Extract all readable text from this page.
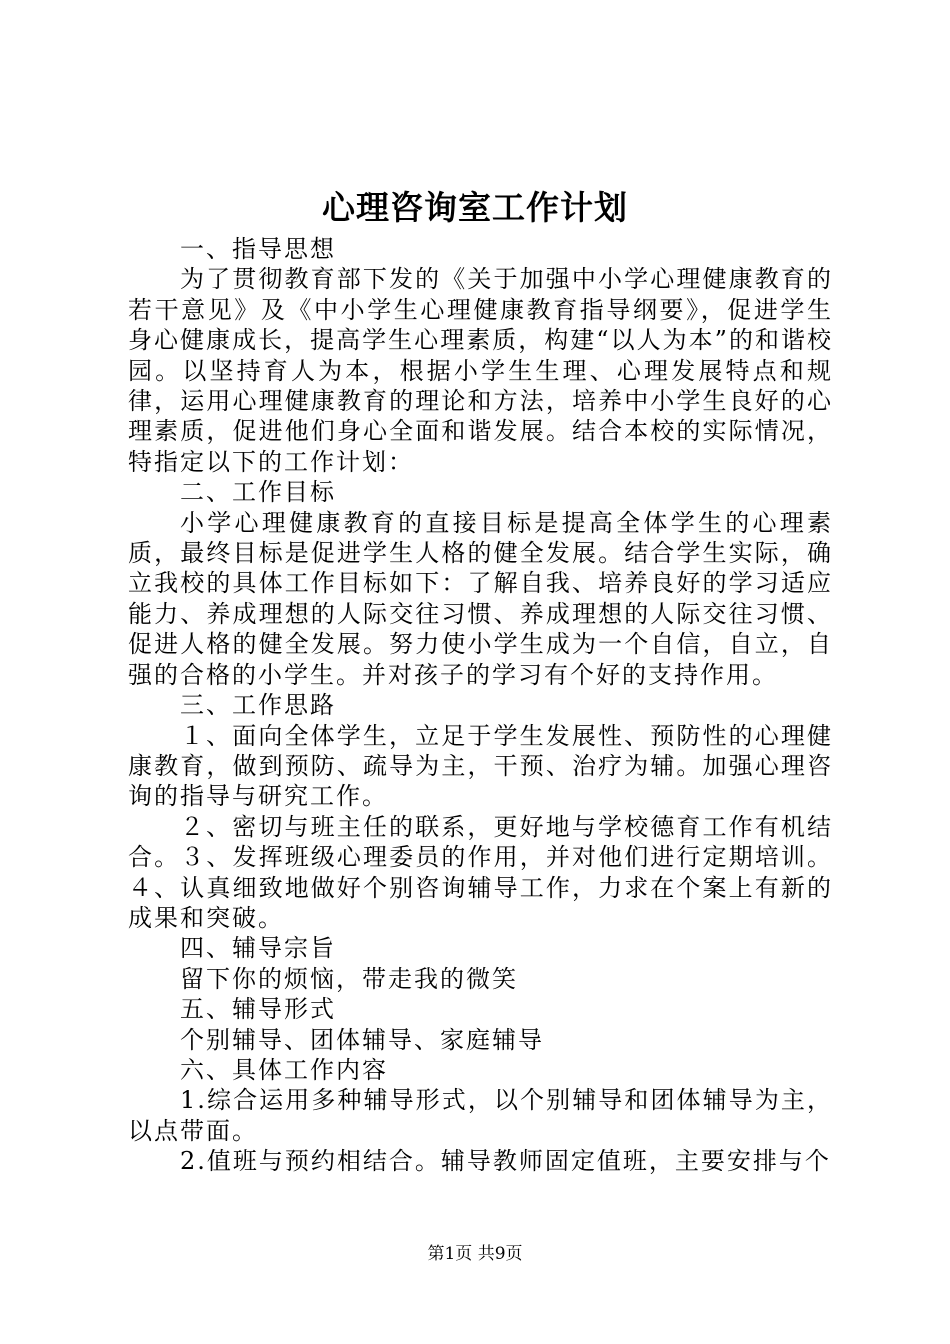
心理咨询室工作计划

一、指导思想

为了贯彻教育部下发的《关于加强中小学心理健康教育的若干意见》及《中小学生心理健康教育指导纲要》，促进学生身心健康成长，提高学生心理素质，构建“以人为本”的和谐校园。以坚持育人为本，根据小学生生理、心理发展特点和规律，运用心理健康教育的理论和方法，培养中小学生良好的心理素质，促进他们身心全面和谐发展。结合本校的实际情况，特指定以下的工作计划：

二、工作目标

小学心理健康教育的直接目标是提高全体学生的心理素质，最终目标是促进学生人格的健全发展。结合学生实际，确立我校的具体工作目标如下：了解自我、培养良好的学习适应能力、养成理想的人际交往习惯、养成理想的人际交往习惯、促进人格的健全发展。努力使小学生成为一个自信，自立，自强的合格的小学生。并对孩子的学习有个好的支持作用。

三、工作思路

１、面向全体学生，立足于学生发展性、预防性的心理健康教育，做到预防、疏导为主，干预、治疗为辅。加强心理咨询的指导与研究工作。

２、密切与班主任的联系，更好地与学校德育工作有机结合。３、发挥班级心理委员的作用，并对他们进行定期培训。４、认真细致地做好个别咨询辅导工作，力求在个案上有新的成果和突破。

四、辅导宗旨

留下你的烦恼，带走我的微笑

五、辅导形式

个别辅导、团体辅导、家庭辅导

六、具体工作内容

1.综合运用多种辅导形式，以个别辅导和团体辅导为主，以点带面。

2.值班与预约相结合。辅导教师固定值班，主要安排与个

第1页 共9页
